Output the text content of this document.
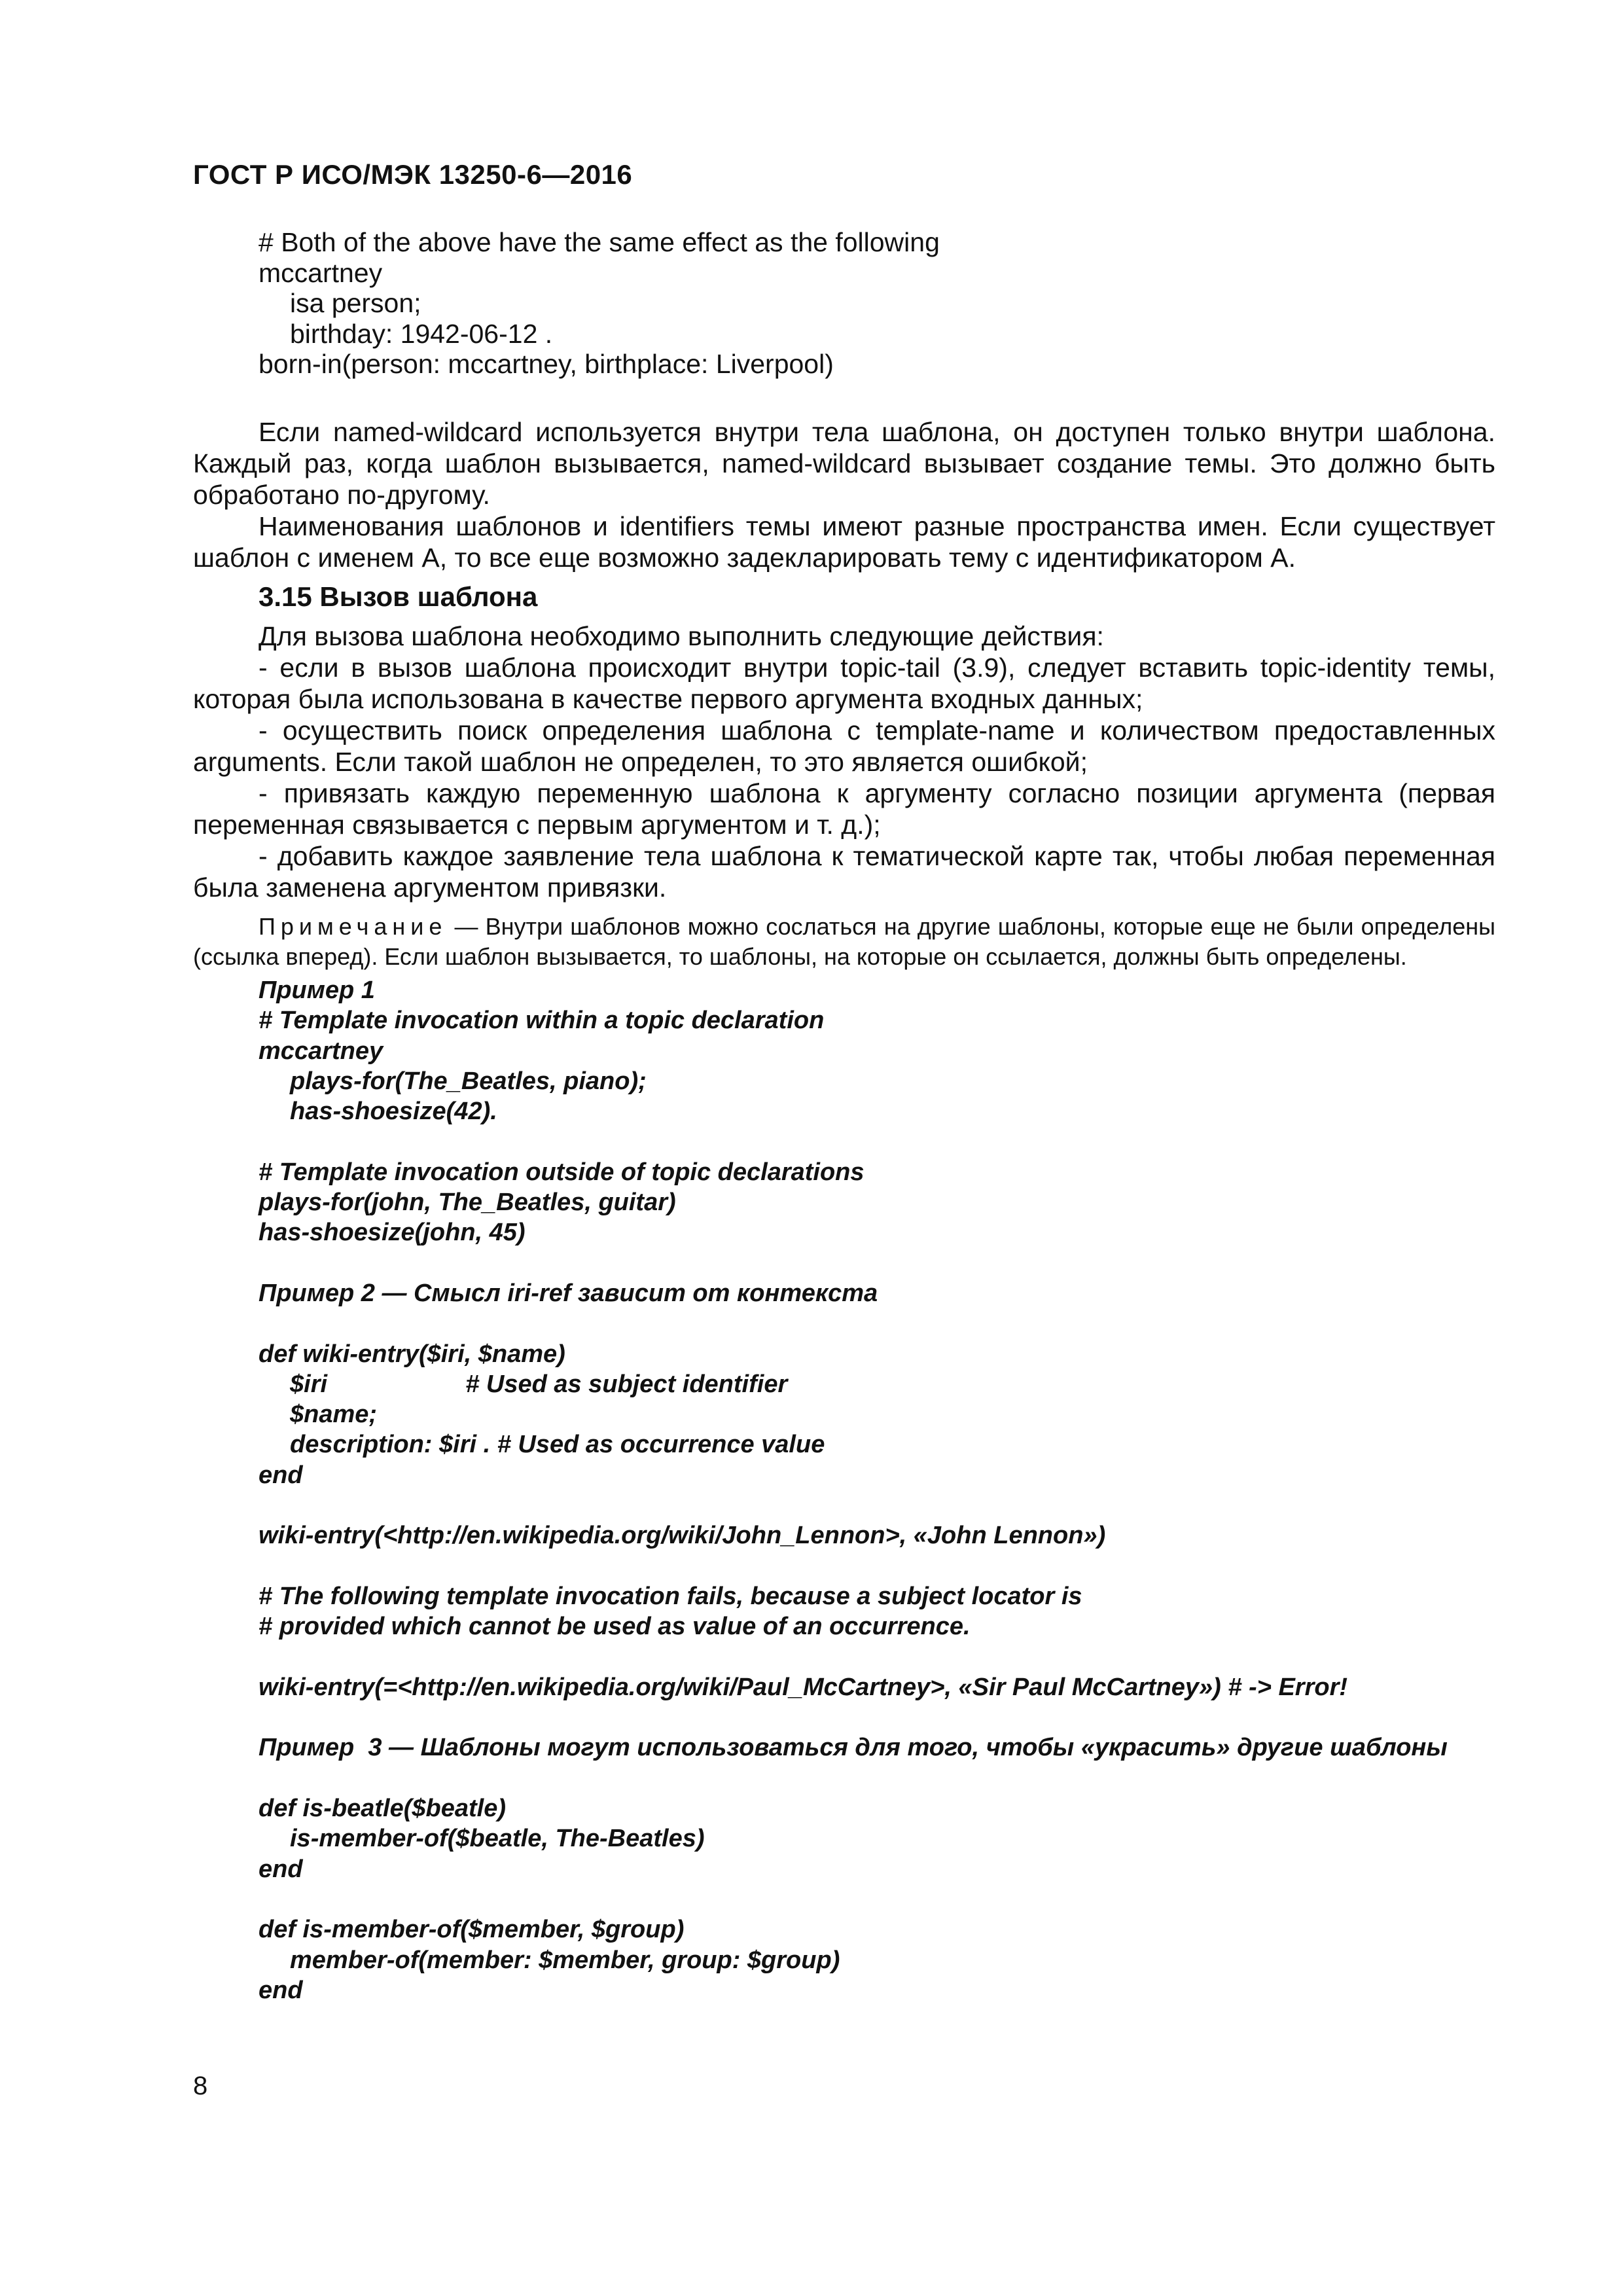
ГОСТ Р ИСО/МЭК 13250-6—2016
# Both of the above have the same effect as the following
mccartney
isa person;
birthday: 1942-06-12 .
born-in(person: mccartney, birthplace: Liverpool)

Если named-wildcard используется внутри тела шаблона, он доступен только внутри шаблона. Каждый раз, когда шаблон вызывается, named-wildcard вызывает создание темы. Это должно быть обработано по-другому.

Наименования шаблонов и identifiers темы имеют разные пространства имен. Если существует шаблон с именем A, то все еще возможно задекларировать тему с идентификатором A.

3.15 Вызов шаблона

Для вызова шаблона необходимо выполнить следующие действия:

- если в вызов шаблона происходит внутри topic-tail (3.9), следует вставить topic-identity темы, которая была использована в качестве первого аргумента входных данных;

- осуществить поиск определения шаблона с template-name и количеством предоставленных arguments. Если такой шаблон не определен, то это является ошибкой;

- привязать каждую переменную шаблона к аргументу согласно позиции аргумента (первая переменная связывается с первым аргументом и т. д.);

- добавить каждое заявление тела шаблона к тематической карте так, чтобы любая переменная была заменена аргументом привязки.

Примечание — Внутри шаблонов можно сослаться на другие шаблоны, которые еще не были определены (ссылка вперед). Если шаблон вызывается, то шаблоны, на которые он ссылается, должны быть определены.

Пример 1
# Template invocation within a topic declaration
mccartney
plays-for(The_Beatles, piano);
has-shoesize(42).
# Template invocation outside of topic declarations
plays-for(john, The_Beatles, guitar)
has-shoesize(john, 45)
Пример 2 — Смысл iri-ref зависит от контекста
def wiki-entry($iri, $name)
$iri                    # Used as subject identifier
$name;
description: $iri . # Used as occurrence value
end
wiki-entry(<http://en.wikipedia.org/wiki/John_Lennon>, «John Lennon»)
# The following template invocation fails, because a subject locator is
# provided which cannot be used as value of an occurrence.
wiki-entry(=<http://en.wikipedia.org/wiki/Paul_McCartney>, «Sir Paul McCartney») # -> Error!
Пример  3 — Шаблоны могут использоваться для того, чтобы «украсить» другие шаблоны
def is-beatle($beatle)
is-member-of($beatle, The-Beatles)
end
def is-member-of($member, $group)
member-of(member: $member, group: $group)
end

8
